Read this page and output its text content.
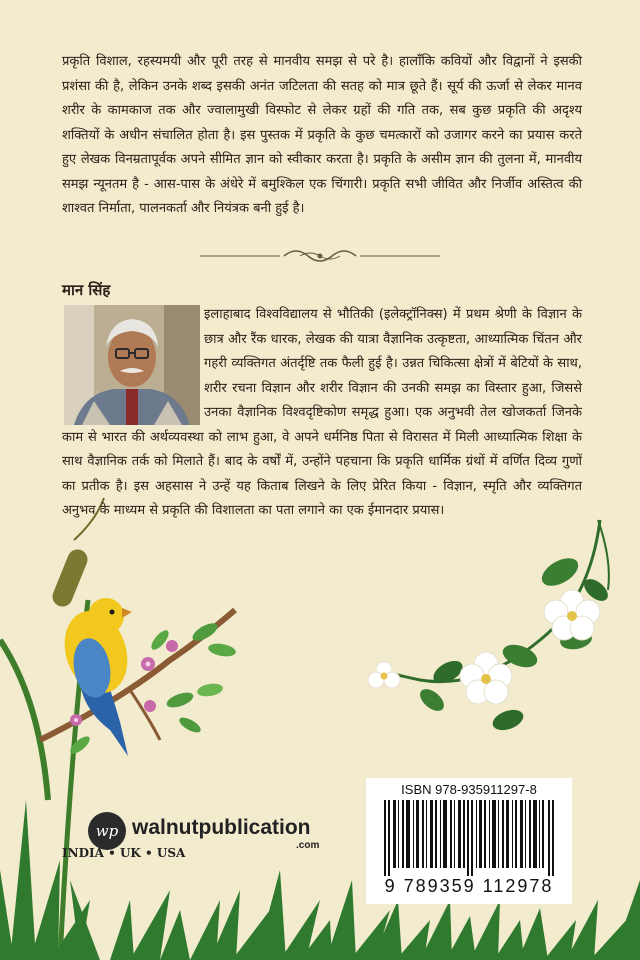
प्रकृति विशाल, रहस्यमयी और पूरी तरह से मानवीय समझ से परे है। हालाँकि कवियों और विद्वानों ने इसकी प्रशंसा की है, लेकिन उनके शब्द इसकी अनंत जटिलता की सतह को मात्र छूते हैं। सूर्य की ऊर्जा से लेकर मानव शरीर के कामकाज तक और ज्वालामुखी विस्फोट से लेकर ग्रहों की गति तक, सब कुछ प्रकृति की अदृश्य शक्तियों के अधीन संचालित होता है। इस पुस्तक में प्रकृति के कुछ चमत्कारों को उजागर करने का प्रयास करते हुए लेखक विनम्रतापूर्वक अपने सीमित ज्ञान को स्वीकार करता है। प्रकृति के असीम ज्ञान की तुलना में, मानवीय समझ न्यूनतम है - आस-पास के अंधेरे में बमुश्किल एक चिंगारी। प्रकृति सभी जीवित और निर्जीव अस्तित्व की शाश्वत निर्माता, पालनकर्ता और नियंत्रक बनी हुई है।

मान सिंह

इलाहाबाद विश्वविद्यालय से भौतिकी (इलेक्ट्रॉनिक्स) में प्रथम श्रेणी के विज्ञान के छात्र और रैंक धारक, लेखक की यात्रा वैज्ञानिक उत्कृष्टता, आध्यात्मिक चिंतन और गहरी व्यक्तिगत अंतर्दृष्टि तक फैली हुई है। उन्नत चिकित्सा क्षेत्रों में बेटियों के साथ, शरीर रचना विज्ञान और शरीर विज्ञान की उनकी समझ का विस्तार हुआ, जिससे उनका वैज्ञानिक विश्वदृष्टिकोण समृद्ध हुआ। एक अनुभवी तेल खोजकर्ता जिनके काम से भारत की अर्थव्यवस्था को लाभ हुआ, वे अपने धर्मनिष्ठ पिता से विरासत में मिली आध्यात्मिक शिक्षा के साथ वैज्ञानिक तर्क को मिलाते हैं। बाद के वर्षों में, उन्होंने पहचाना कि प्रकृति धार्मिक ग्रंथों में वर्णित दिव्य गुणों का प्रतीक है। इस अहसास ने उन्हें यह किताब लिखने के लिए प्रेरित किया - विज्ञान, स्मृति और व्यक्तिगत अनुभव के माध्यम से प्रकृति की विशालता का पता लगाने का एक ईमानदार प्रयास।

wp walnutpublication
.com
INDIA • UK • USA
ISBN 978-935911297-8
9 789359 112978
